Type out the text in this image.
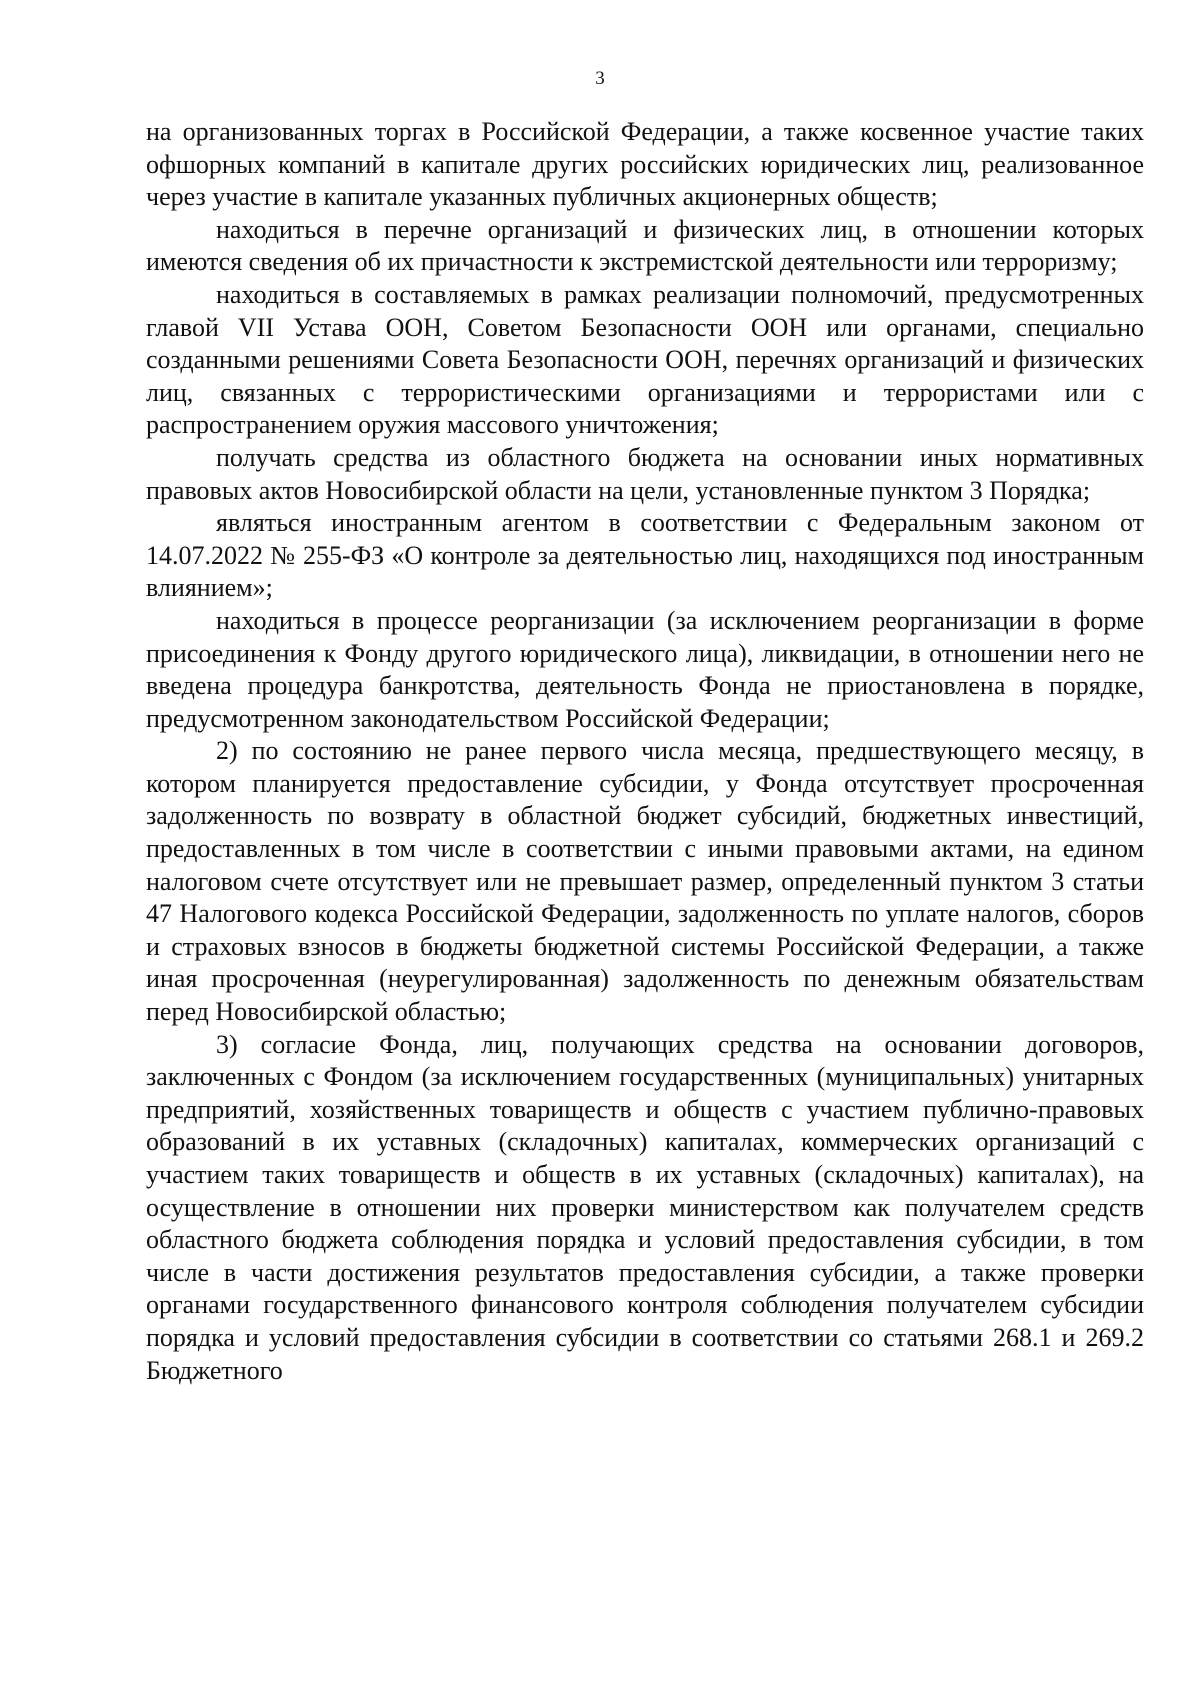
3

на организованных торгах в Российской Федерации, а также косвенное участие таких офшорных компаний в капитале других российских юридических лиц, реализованное через участие в капитале указанных публичных акционерных обществ;

находиться в перечне организаций и физических лиц, в отношении которых имеются сведения об их причастности к экстремистской деятельности или терроризму;

находиться в составляемых в рамках реализации полномочий, предусмотренных главой VII Устава ООН, Советом Безопасности ООН или органами, специально созданными решениями Совета Безопасности ООН, перечнях организаций и физических лиц, связанных с террористическими организациями и террористами или с распространением оружия массового уничтожения;

получать средства из областного бюджета на основании иных нормативных правовых актов Новосибирской области на цели, установленные пунктом 3 Порядка;

являться иностранным агентом в соответствии с Федеральным законом от 14.07.2022 № 255-ФЗ «О контроле за деятельностью лиц, находящихся под иностранным влиянием»;

находиться в процессе реорганизации (за исключением реорганизации в форме присоединения к Фонду другого юридического лица), ликвидации, в отношении него не введена процедура банкротства, деятельность Фонда не приостановлена в порядке, предусмотренном законодательством Российской Федерации;

2) по состоянию не ранее первого числа месяца, предшествующего месяцу, в котором планируется предоставление субсидии, у Фонда отсутствует просроченная задолженность по возврату в областной бюджет субсидий, бюджетных инвестиций, предоставленных в том числе в соответствии с иными правовыми актами, на едином налоговом счете отсутствует или не превышает размер, определенный пунктом 3 статьи 47 Налогового кодекса Российской Федерации, задолженность по уплате налогов, сборов и страховых взносов в бюджеты бюджетной системы Российской Федерации, а также иная просроченная (неурегулированная) задолженность по денежным обязательствам перед Новосибирской областью;

3) согласие Фонда, лиц, получающих средства на основании договоров, заключенных с Фондом (за исключением государственных (муниципальных) унитарных предприятий, хозяйственных товариществ и обществ с участием публично-правовых образований в их уставных (складочных) капиталах, коммерческих организаций с участием таких товариществ и обществ в их уставных (складочных) капиталах), на осуществление в отношении них проверки министерством как получателем средств областного бюджета соблюдения порядка и условий предоставления субсидии, в том числе в части достижения результатов предоставления субсидии, а также проверки органами государственного финансового контроля соблюдения получателем субсидии порядка и условий предоставления субсидии в соответствии со статьями 268.1 и 269.2 Бюджетного
